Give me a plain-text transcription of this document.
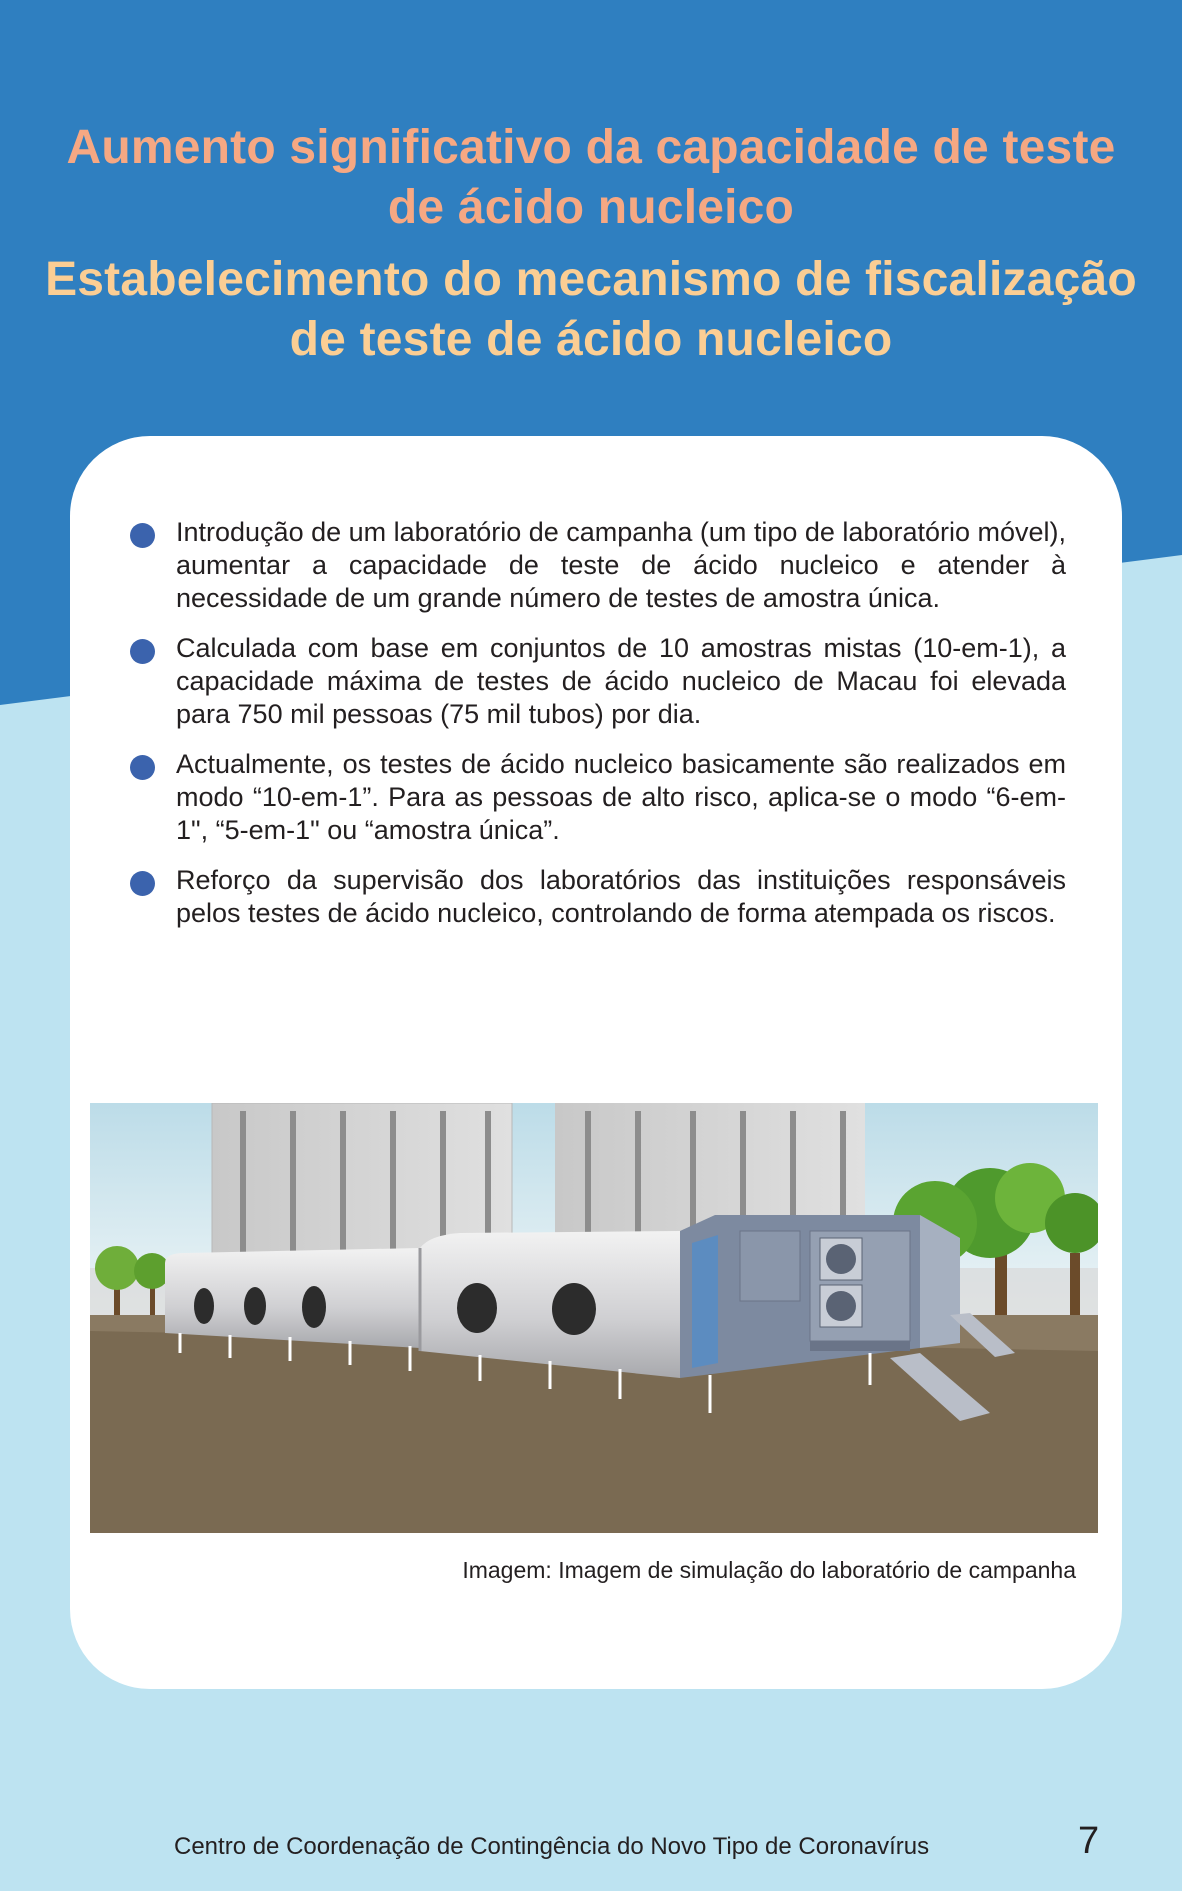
Aumento significativo da capacidade de teste de ácido nucleico
Estabelecimento do mecanismo de fiscalização de teste de ácido nucleico
Introdução de um laboratório de campanha (um tipo de laboratório móvel), aumentar a capacidade de teste de ácido nucleico e atender à necessidade de um grande número de testes de amostra única.
Calculada com base em conjuntos de 10 amostras mistas (10-em-1), a capacidade máxima de testes de ácido nucleico de Macau foi elevada para 750 mil pessoas (75 mil tubos) por dia.
Actualmente, os testes de ácido nucleico basicamente são realizados em modo “10-em-1”. Para as pessoas de alto risco, aplica-se o modo “6-em-1", “5-em-1" ou “amostra única”.
Reforço da supervisão dos laboratórios das instituições responsáveis pelos testes de ácido nucleico, controlando de forma atempada os riscos.
Imagem: Imagem de simulação do laboratório de campanha
Centro de Coordenação de Contingência do Novo Tipo de Coronavírus	7
